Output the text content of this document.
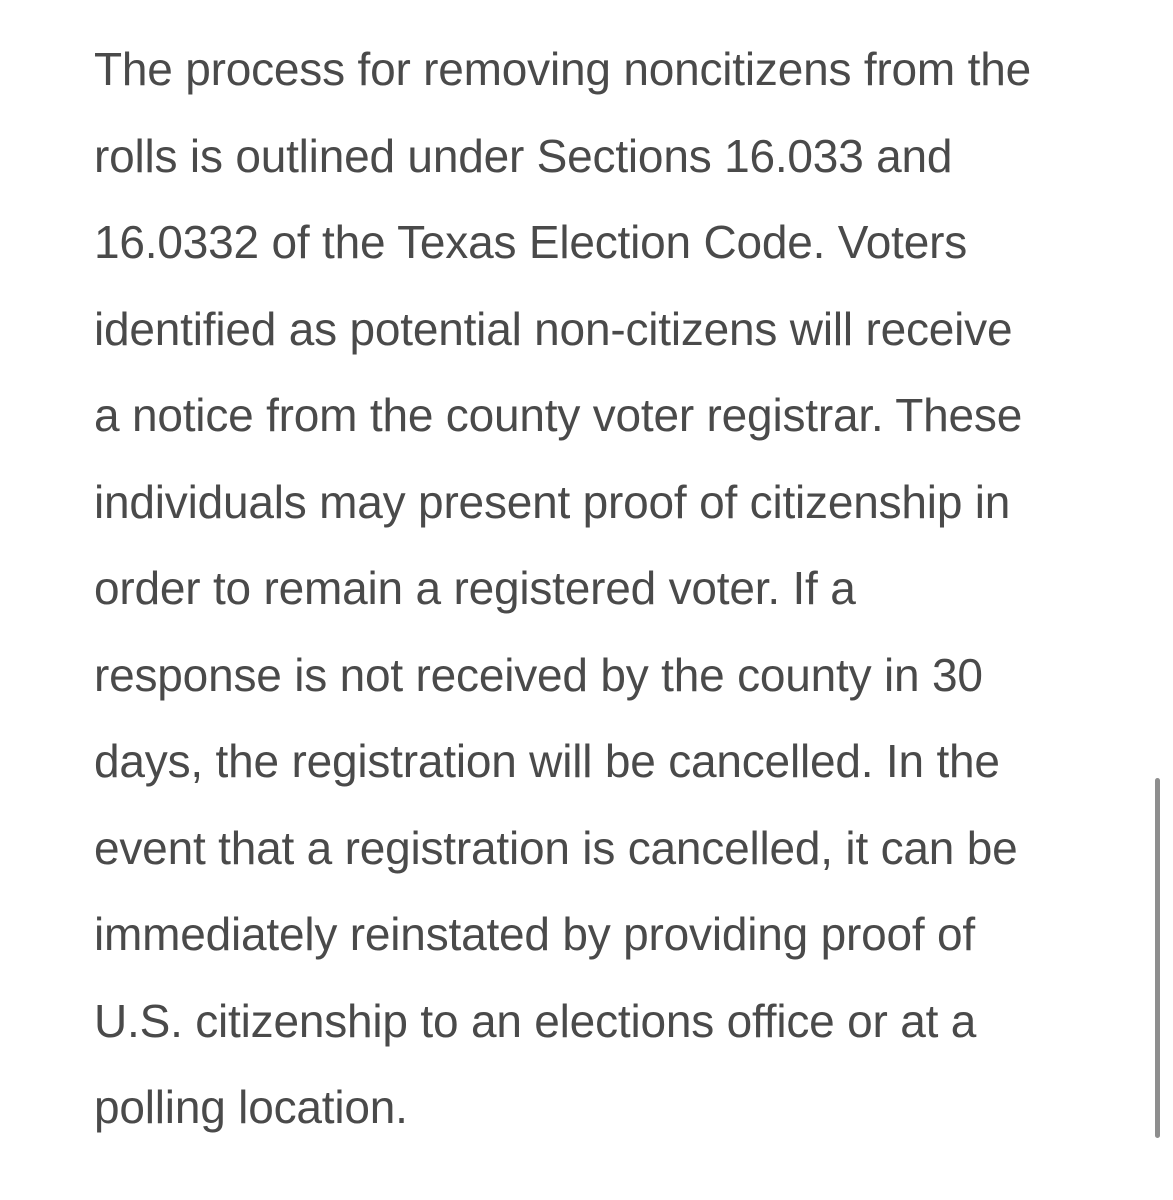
The process for removing noncitizens from the
rolls is outlined under Sections 16.033 and
16.0332 of the Texas Election Code. Voters
identified as potential non-citizens will receive
a notice from the county voter registrar. These
individuals may present proof of citizenship in
order to remain a registered voter. If a
response is not received by the county in 30
days, the registration will be cancelled. In the
event that a registration is cancelled, it can be
immediately reinstated by providing proof of
U.S. citizenship to an elections office or at a
polling location.
